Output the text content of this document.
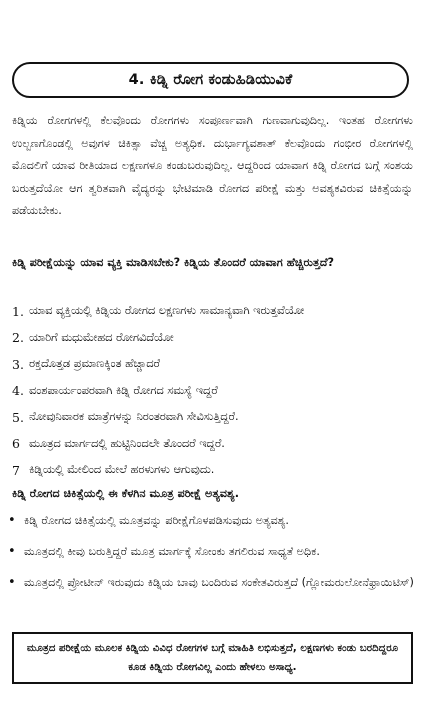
4. ಕಿಡ್ನಿ ರೋಗ ಕಂಡುಹಿಡಿಯುವಿಕೆ
ಕಿಡ್ನಿಯ ರೋಗಗಳಲ್ಲಿ ಕೆಲವೊಂದು ರೋಗಗಳು ಸಂಪೂರ್ಣವಾಗಿ ಗುಣವಾಗುವುದಿಲ್ಲ. ಇಂತಹ ರೋಗಗಳು ಉಲ್ಬಣಗೊಂಡಲ್ಲಿ ಅವುಗಳ ಚಿಕಿತ್ಸಾ ವೆಚ್ಚ ಅತ್ಯಧಿಕ. ದುರ್ಭಾಗ್ಯವಶಾತ್ ಕೆಲವೊಂದು ಗಂಭೀರ ರೋಗಗಳಲ್ಲಿ ಮೊದಲಿಗೆ ಯಾವ ರೀತಿಯಾದ ಲಕ್ಷಣಗಳೂ ಕಂಡುಬರುವುದಿಲ್ಲ. ಆದ್ದರಿಂದ ಯಾವಾಗ ಕಿಡ್ನಿ ರೋಗದ ಬಗ್ಗೆ ಸಂಶಯ ಬರುತ್ತದೆಯೋ ಆಗ ತ್ವರಿತವಾಗಿ ವೈದ್ಯರನ್ನು ಭೇಟಿಮಾಡಿ ರೋಗದ ಪರೀಕ್ಷೆ ಮತ್ತು ಅವಶ್ಯಕವಿರುವ ಚಿಕಿತ್ಸೆಯನ್ನು ಪಡೆಯಬೇಕು.
ಕಿಡ್ನಿ ಪರೀಕ್ಷೆಯನ್ನು ಯಾವ ವ್ಯಕ್ತಿ ಮಾಡಿಸಬೇಕು? ಕಿಡ್ನಿಯ ತೊಂದರೆ ಯಾವಾಗ ಹೆಚ್ಚಿರುತ್ತದೆ?
1. ಯಾವ ವ್ಯಕ್ತಿಯಲ್ಲಿ ಕಿಡ್ನಿಯ ರೋಗದ ಲಕ್ಷಣಗಳು ಸಾಮಾನ್ಯವಾಗಿ ಇರುತ್ತವೆಯೋ
2. ಯಾರಿಗೆ ಮಧುಮೇಹದ ರೋಗವಿದೆಯೋ
3. ರಕ್ತದೊತ್ತಡ ಪ್ರಮಾಣಕ್ಕಿಂತ ಹೆಚ್ಚಾದರೆ
4. ವಂಶಪಾರ್ಯಂಪರವಾಗಿ ಕಿಡ್ನಿ ರೋಗದ ಸಮಸ್ಯೆ ಇದ್ದರೆ
5. ನೋವುನಿವಾರಕ ಮಾತ್ರೆಗಳನ್ನು ನಿರಂತರವಾಗಿ ಸೇವಿಸುತ್ತಿದ್ದರೆ.
6 ಮೂತ್ರದ ಮಾರ್ಗದಲ್ಲಿ ಹುಟ್ಟಿನಿಂದಲೇ ತೊಂದರೆ ಇದ್ದರೆ.
7 ಕಿಡ್ನಿಯಲ್ಲಿ ಮೇಲಿಂದ ಮೇಲೆ ಹರಳುಗಳು ಆಗುವುದು.
ಕಿಡ್ನಿ ರೋಗದ ಚಿಕಿತ್ಸೆಯಲ್ಲಿ ಈ ಕೆಳಗಿನ ಮೂತ್ರ ಪರೀಕ್ಷೆ ಅತ್ಯವಶ್ಯ.
• ಕಿಡ್ನಿ ರೋಗದ ಚಿಕಿತ್ಸೆಯಲ್ಲಿ ಮೂತ್ರವನ್ನು ಪರೀಕ್ಷೆಗೊಳಪಡಿಸುವುದು ಅತ್ಯವಶ್ಯ.
• ಮೂತ್ರದಲ್ಲಿ ಕೀವು ಬರುತ್ತಿದ್ದರೆ ಮೂತ್ರ ಮಾರ್ಗಕ್ಕೆ ಸೋಂಕು ತಗಲಿರುವ ಸಾಧ್ಯತೆ ಅಧಿಕ.
• ಮೂತ್ರದಲ್ಲಿ ಪ್ರೋಟೀನ್ ಇರುವುದು ಕಿಡ್ನಿಯ ಬಾವು ಬಂದಿರುವ ಸಂಕೇತವಿರುತ್ತದೆ (ಗ್ಲೋಮರುಲೋನೆಫ್ರಾಯಿಟಿಸ್)
ಮೂತ್ರದ ಪರೀಕ್ಷೆಯ ಮೂಲಕ ಕಿಡ್ನಿಯ ವಿವಿಧ ರೋಗಗಳ ಬಗ್ಗೆ ಮಾಹಿತಿ ಲಭಿಸುತ್ತದೆ, ಲಕ್ಷಣಗಳು ಕಂಡು ಬರದಿದ್ದರೂ ಕೂಡ ಕಿಡ್ನಿಯ ರೋಗವಿಲ್ಲ ಎಂದು ಹೇಳಲು ಅಸಾಧ್ಯ.
